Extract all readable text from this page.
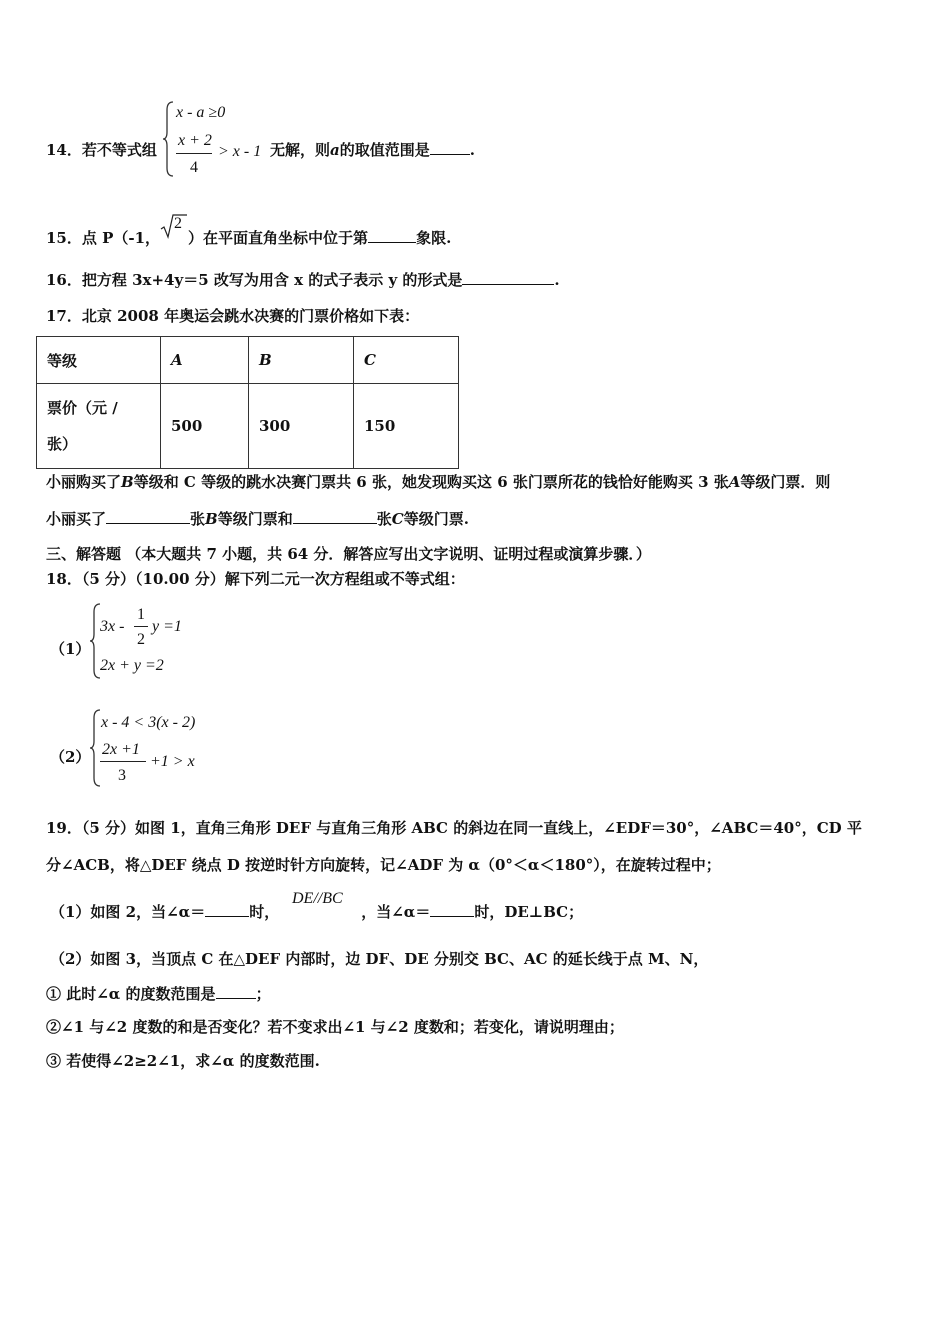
14．若不等式组
x - a ≥0
x + 2
4
> x - 1 无解，则a的取值范围是	.
15．点 P（-1，
2
）在平面直角坐标中位于第	象限.
16．把方程 3x+4y＝5 改写为用含 x 的式子表示 y 的形式是	.
17．北京 2008 年奥运会跳水决赛的门票价格如下表：
等级	A	B	C

票价（元 /
张）	500	300	150
小丽购买了B等级和 C 等级的跳水决赛门票共 6 张，她发现购买这 6 张门票所花的钱恰好能购买 3 张A等级门票．则
小丽买了	张B等级门票和	张C等级门票.
三、解答题 （本大题共 7 小题，共 64 分．解答应写出文字说明、证明过程或演算步骤．）
18．（5 分）（10.00 分）解下列二元一次方程组或不等式组：
（1）
3x -
1
2
y =1
2x + y =2
（2）
x - 4 < 3(x - 2)
2x +1
3
+1 > x
19．（5 分）如图 1，直角三角形 DEF 与直角三角形 ABC 的斜边在同一直线上，∠EDF＝30°，∠ABC＝40°，CD 平
分∠ACB，将△DEF 绕点 D 按逆时针方向旋转，记∠ADF 为 α（0°＜α＜180°），在旋转过程中；
DE//BC
（1）如图 2，当∠α＝	时，	，当∠α＝	时，DE⊥BC；
（2）如图 3，当顶点 C 在△DEF 内部时，边 DF、DE 分别交 BC、AC 的延长线于点 M、N，
① 此时∠α 的度数范围是	；
②∠1 与∠2 度数的和是否变化？若不变求出∠1 与∠2 度数和；若变化，请说明理由；
③ 若使得∠2≥2∠1，求∠α 的度数范围.
